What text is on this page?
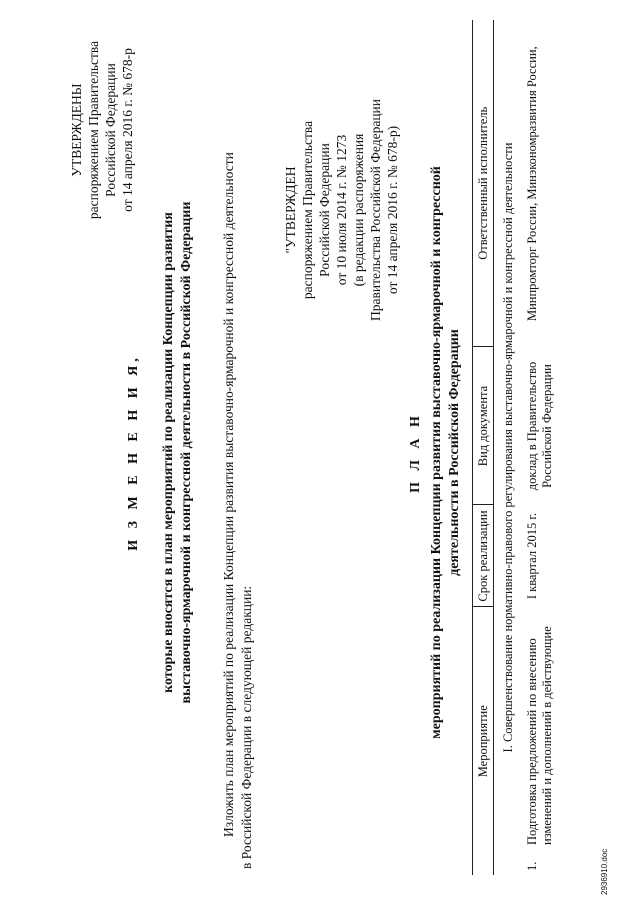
УТВЕРЖДЕНЫ распоряжением Правительства Российской Федерации от 14 апреля 2016 г. № 678-р
И З М Е Н Е Н И Я, которые вносятся в план мероприятий по реализации Концепции развития выставочно-ярмарочной и конгрессной деятельности в Российской Федерации Изложить план мероприятий по реализации Концепции развития выставочно-ярмарочной и конгрессной деятельности в Российской Федерации в следующей редакции:
"УТВЕРЖДЕН распоряжением Правительства Российской Федерации от 10 июля 2014 г. № 1273 (в редакции распоряжения Правительства Российской Федерации от 14 апреля 2016 г. № 678-р)
П Л А Н мероприятий по реализации Концепции развития выставочно-ярмарочной и конгрессной деятельности в Российской Федерации
Мероприятие	Срок реализации	Вид документа	Ответственный исполнитель
I. Совершенствование нормативно-правового регулирования выставочно-ярмарочной и конгрессной деятельности			

1.
Подготовка предложений по внесению изменений и дополнений в действующие	I квартал 2015 г.	доклад в Правительство Российской Федерации	Минпромторг России, Минэкономразвития России,
2936910.doc
